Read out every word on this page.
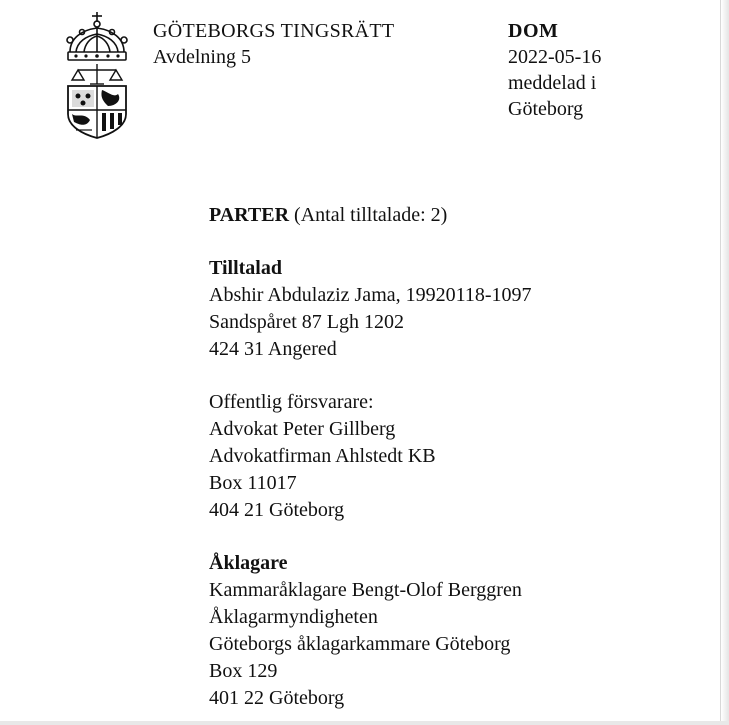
GÖTEBORGS TINGSRÄTT
Avdelning 5
DOM
2022-05-16
meddelad i
Göteborg

PARTER (Antal tilltalade: 2)

Tilltalad

Abshir Abdulaziz Jama, 19920118-1097

Sandspåret 87 Lgh 1202

424 31 Angered

Offentlig försvarare:

Advokat Peter Gillberg

Advokatfirman Ahlstedt KB

Box 11017

404 21 Göteborg

Åklagare

Kammaråklagare Bengt-Olof Berggren

Åklagarmyndigheten

Göteborgs åklagarkammare Göteborg

Box 129

401 22 Göteborg
